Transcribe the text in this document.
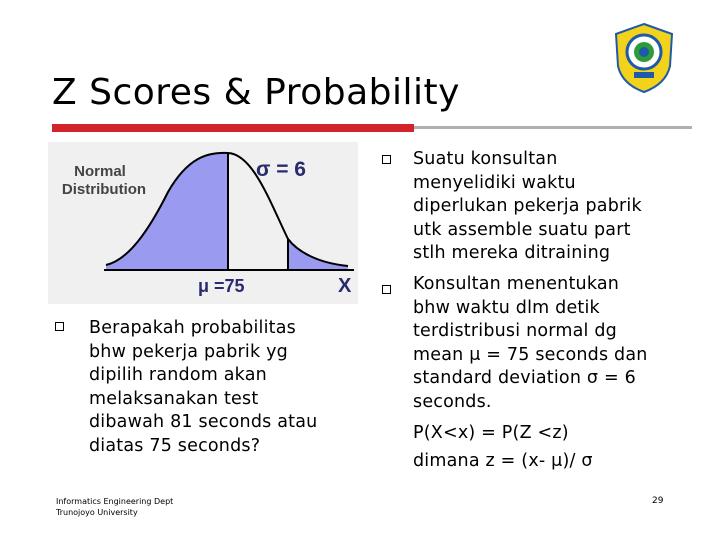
Z Scores & Probability
Normal
Distribution
σ = 6
μ =75	X
Berapakah probabilitas
bhw pekerja pabrik yg
dipilih random akan
melaksanakan test
dibawah 81 seconds atau
diatas 75 seconds?
Suatu konsultan
menyelidiki waktu
diperlukan pekerja pabrik
utk assemble suatu part
stlh mereka ditraining
Konsultan menentukan
bhw waktu dlm detik
terdistribusi normal dg
mean μ = 75 seconds dan
standard deviation σ = 6
seconds.
P(X<x) = P(Z <z)
dimana z = (x- μ)/ σ
Informatics Engineering Dept
Trunojoyo University
29
